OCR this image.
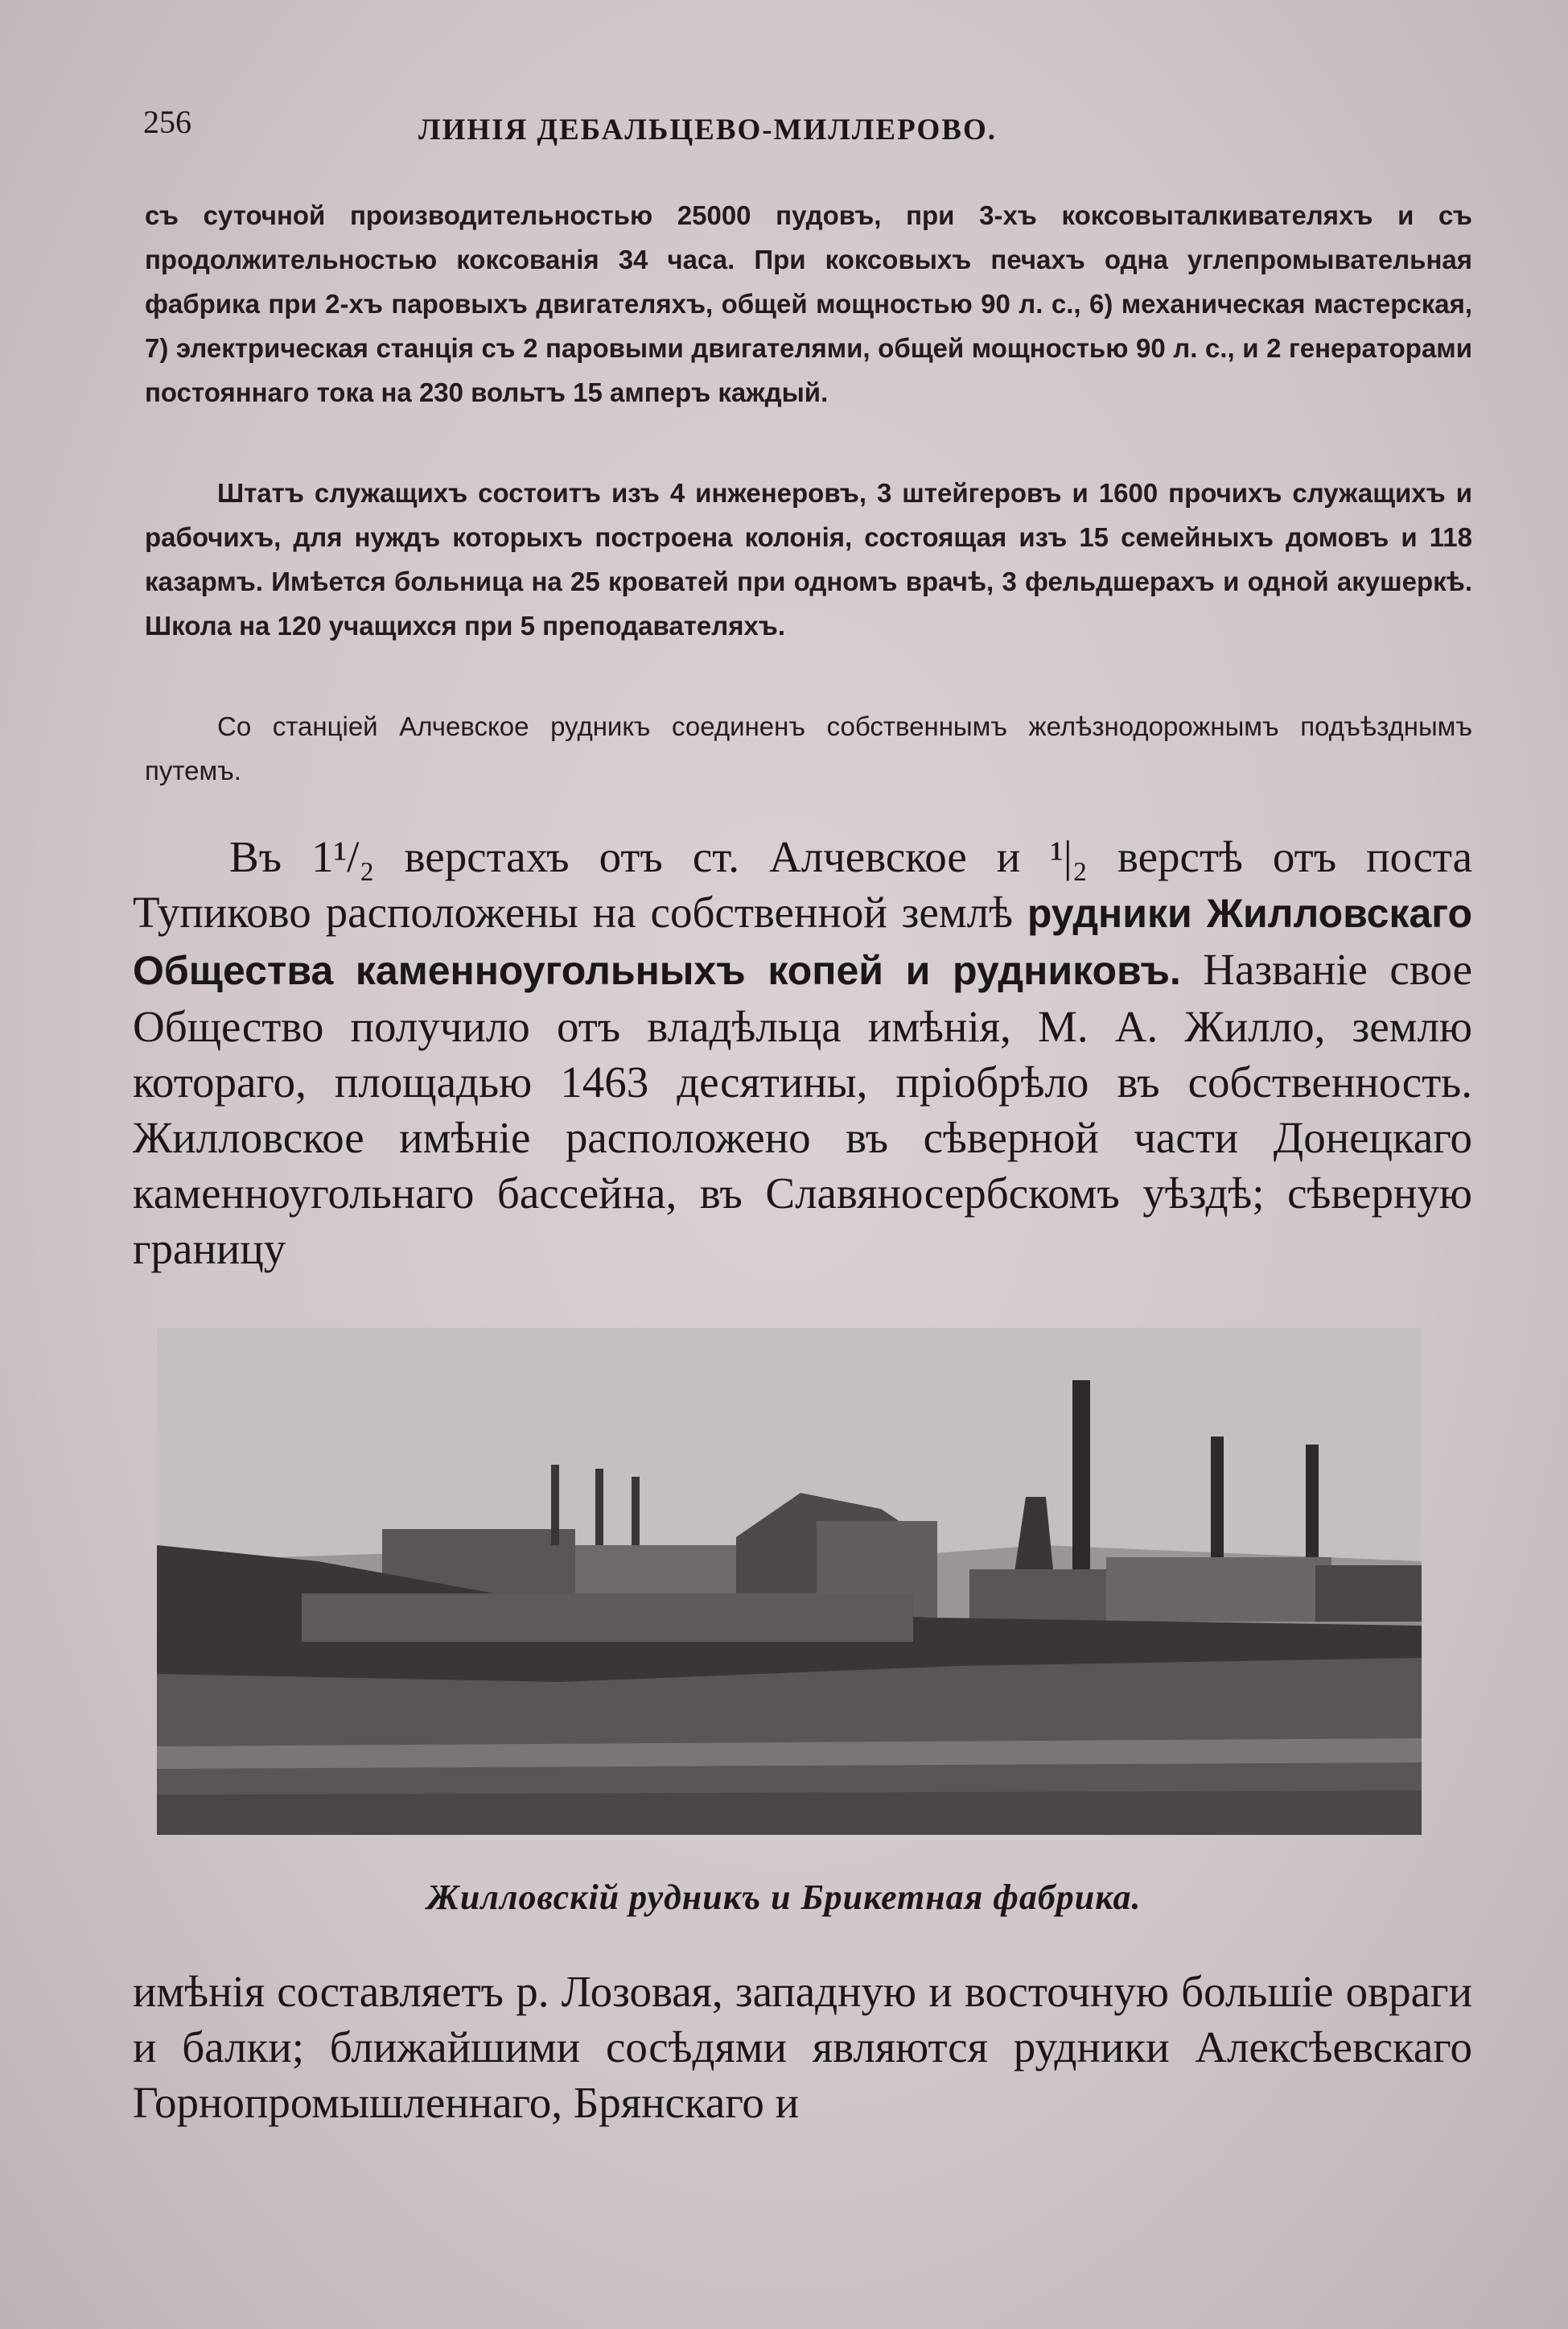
256	ЛИНІЯ ДЕБАЛЬЦЕВО-МИЛЛЕРОВО.
съ суточной производительностью 25000 пудовъ, при 3-хъ коксовыталкивателяхъ и съ продолжительностью коксованія 34 часа. При коксовыхъ печахъ одна углепромывательная фабрика при 2-хъ паровыхъ двигателяхъ, общей мощностью 90 л. с., 6) механическая мастерская, 7) электрическая станція съ 2 паровыми двигателями, общей мощностью 90 л. с., и 2 генераторами постояннаго тока на 230 вольтъ 15 амперъ каждый.
Штатъ служащихъ состоитъ изъ 4 инженеровъ, 3 штейгеровъ и 1600 прочихъ служащихъ и рабочихъ, для нуждъ которыхъ построена колонія, состоящая изъ 15 семейныхъ домовъ и 118 казармъ. Имѣется больница на 25 кроватей при одномъ врачѣ, 3 фельдшерахъ и одной акушеркѣ. Школа на 120 учащихся при 5 преподавателяхъ.
Со станціей Алчевское рудникъ соединенъ собственнымъ желѣзнодорожнымъ подъѣзднымъ путемъ.
Въ 1¹/₂ верстахъ отъ ст. Алчевское и ¹|₂ верстѣ отъ поста Тупиково расположены на собственной землѣ рудники Жилловскаго Общества каменноугольныхъ копей и рудниковъ. Названіе свое Общество получило отъ владѣльца имѣнія, М. А. Жилло, землю котораго, площадью 1463 десятины, пріобрѣло въ собственность. Жилловское имѣніе расположено въ сѣверной части Донецкаго каменноугольнаго бассейна, въ Славяносербскомъ уѣздѣ; сѣверную границу
Жилловскій рудникъ и Брикетная фабрика.
имѣнія составляетъ р. Лозовая, западную и восточную большіе овраги и балки; ближайшими сосѣдями являются рудники Алексѣевскаго Горнопромышленнаго, Брянскаго и
